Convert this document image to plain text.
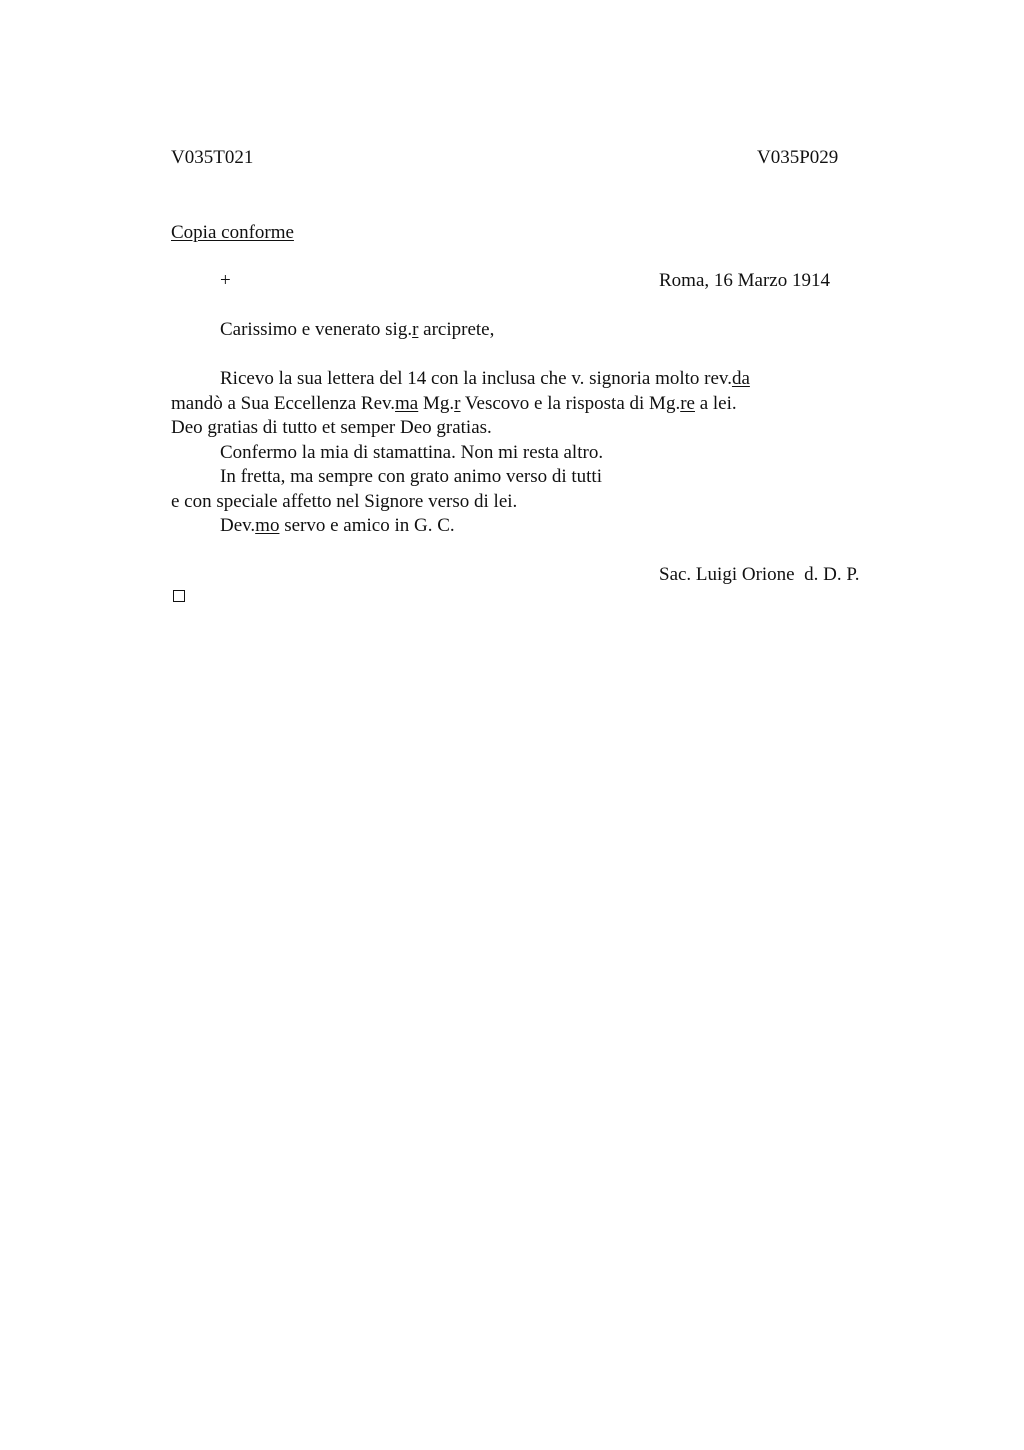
V035T021	V035P029
Copia conforme
+	Roma, 16 Marzo 1914
Carissimo e venerato sig.r arciprete,
Ricevo la sua lettera del 14 con la inclusa che v. signoria molto rev.da
mandò a Sua Eccellenza Rev.ma Mg.r Vescovo e la risposta di Mg.re a lei.
Deo gratias di tutto et semper Deo gratias.
Confermo la mia di stamattina. Non mi resta altro.
In fretta, ma sempre con grato animo verso di tutti
e con speciale affetto nel Signore verso di lei.
Dev.mo servo e amico in G. C.
Sac. Luigi Orione  d. D. P.
